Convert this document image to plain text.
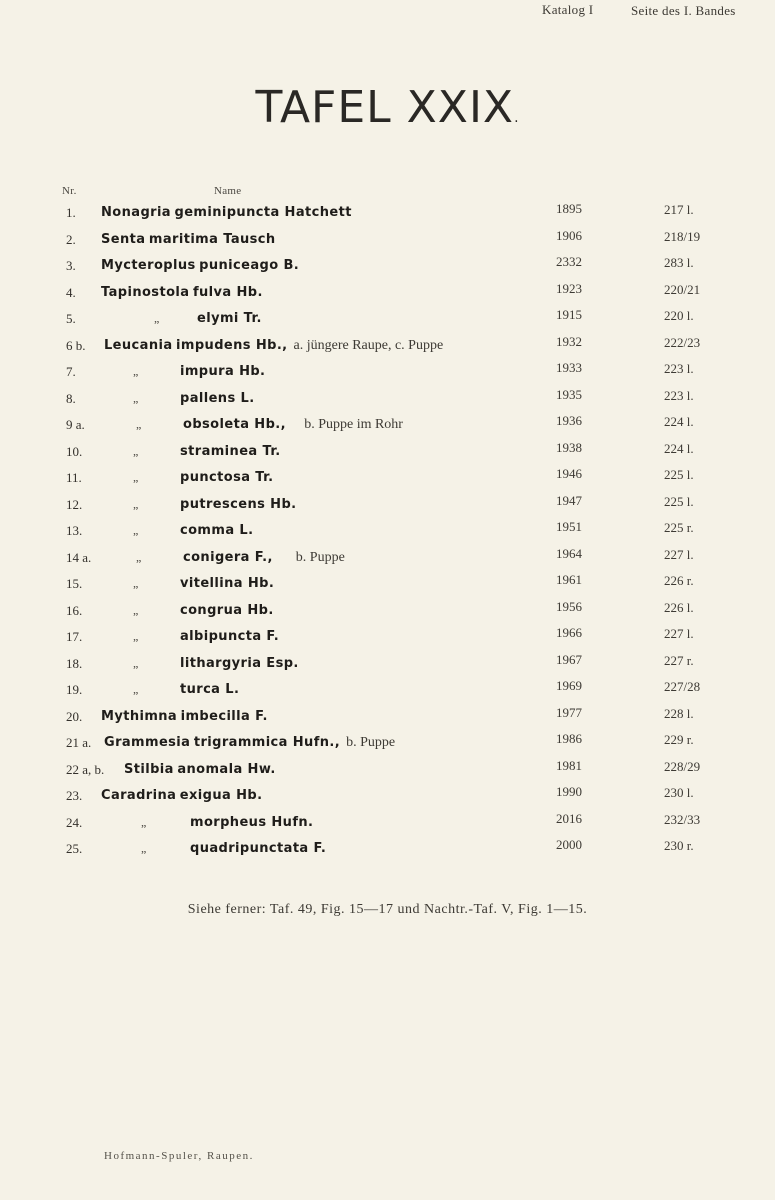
TAFEL XXIX.
Nr.	Name
Katalog I	Seite des I. Bandes
1. Nonagria geminipuncta Hatchett	1895	217 l.
2. Senta maritima Tausch	1906	218/19
3. Mycteroplus puniceago B.	2332	283 l.
4. Tapinostola fulva Hb.	1923	220/21
5.	„	elymi Tr.	1915	220 l.
6 b. Leucania impudens Hb., a. jüngere Raupe, c. Puppe	1932	222/23
7.	„	impura Hb.	1933	223 l.
8.	„	pallens L.	1935	223 l.
9 a.	„	obsoleta Hb., b. Puppe im Rohr	1936	224 l.
10.	„	straminea Tr.	1938	224 l.
11.	„	punctosa Tr.	1946	225 l.
12.	„	putrescens Hb.	1947	225 l.
13.	„	comma L.	1951	225 r.
14 a.	„	conigera F., b. Puppe	1964	227 l.
15.	„	vitellina Hb.	1961	226 r.
16.	„	congrua Hb.	1956	226 l.
17.	„	albipuncta F.	1966	227 l.
18.	„	lithargyria Esp.	1967	227 r.
19.	„	turca L.	1969	227/28
20. Mythimna imbecilla F.	1977	228 l.
21 a. Grammesia trigrammica Hufn., b. Puppe	1986	229 r.
22 a, b. Stilbia anomala Hw.	1981	228/29
23. Caradrina exigua Hb.	1990	230 l.
24.	„	morpheus Hufn.	2016	232/33
25.	„	quadripunctata F.	2000	230 r.
Siehe ferner: Taf. 49, Fig. 15—17 und Nachtr.-Taf. V, Fig. 1—15.
Hofmann-Spuler, Raupen.
